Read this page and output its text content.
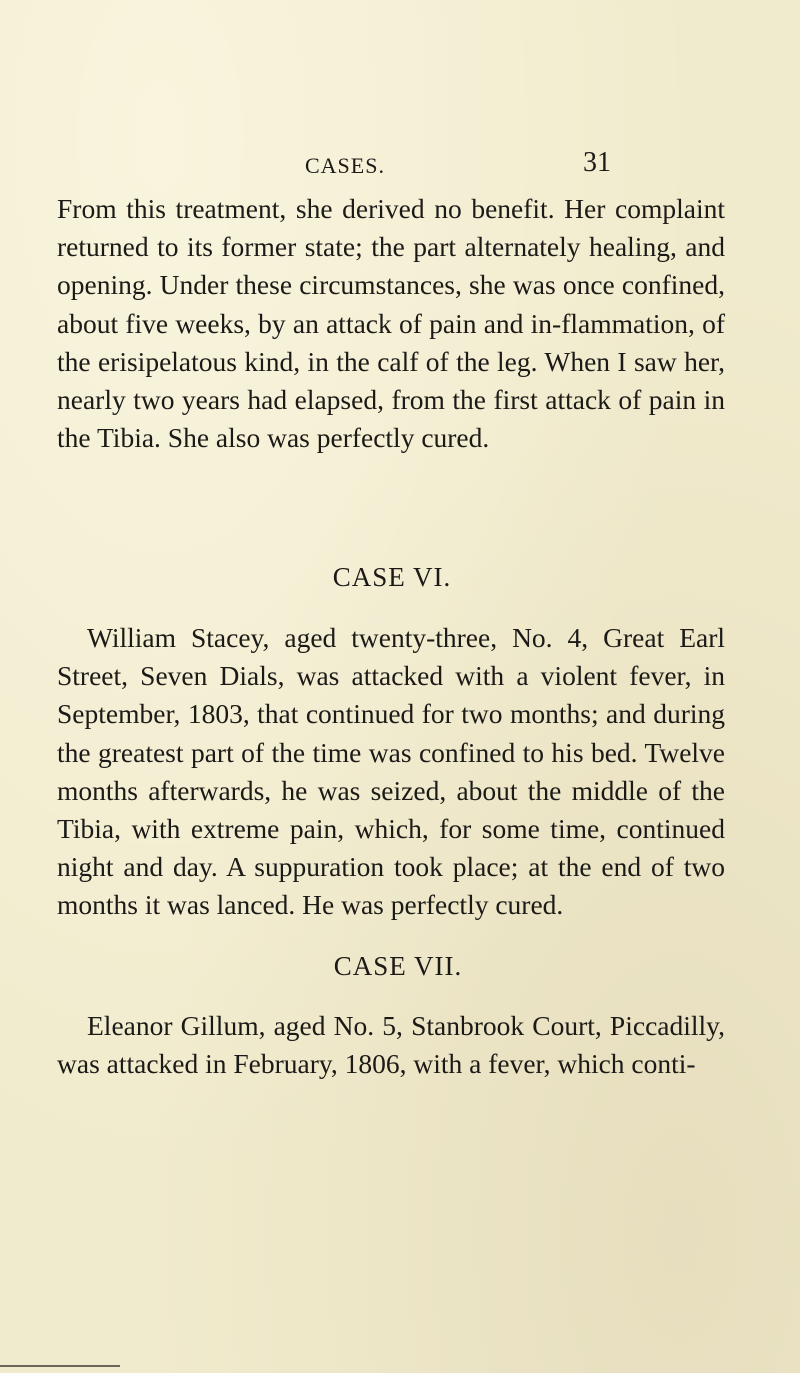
CASES.	31

From this treatment, she derived no benefit. Her complaint returned to its former state; the part alternately healing, and opening. Under these circumstances, she was once confined, about five weeks, by an attack of pain and in-flammation, of the erisipelatous kind, in the calf of the leg. When I saw her, nearly two years had elapsed, from the first attack of pain in the Tibia. She also was perfectly cured.

CASE VI.

William Stacey, aged twenty-three, No. 4, Great Earl Street, Seven Dials, was attacked with a violent fever, in September, 1803, that continued for two months; and during the greatest part of the time was confined to his bed. Twelve months afterwards, he was seized, about the middle of the Tibia, with extreme pain, which, for some time, continued night and day. A suppuration took place; at the end of two months it was lanced. He was perfectly cured.

CASE VII.

Eleanor Gillum, aged No. 5, Stanbrook Court, Piccadilly, was attacked in February, 1806, with a fever, which conti-
